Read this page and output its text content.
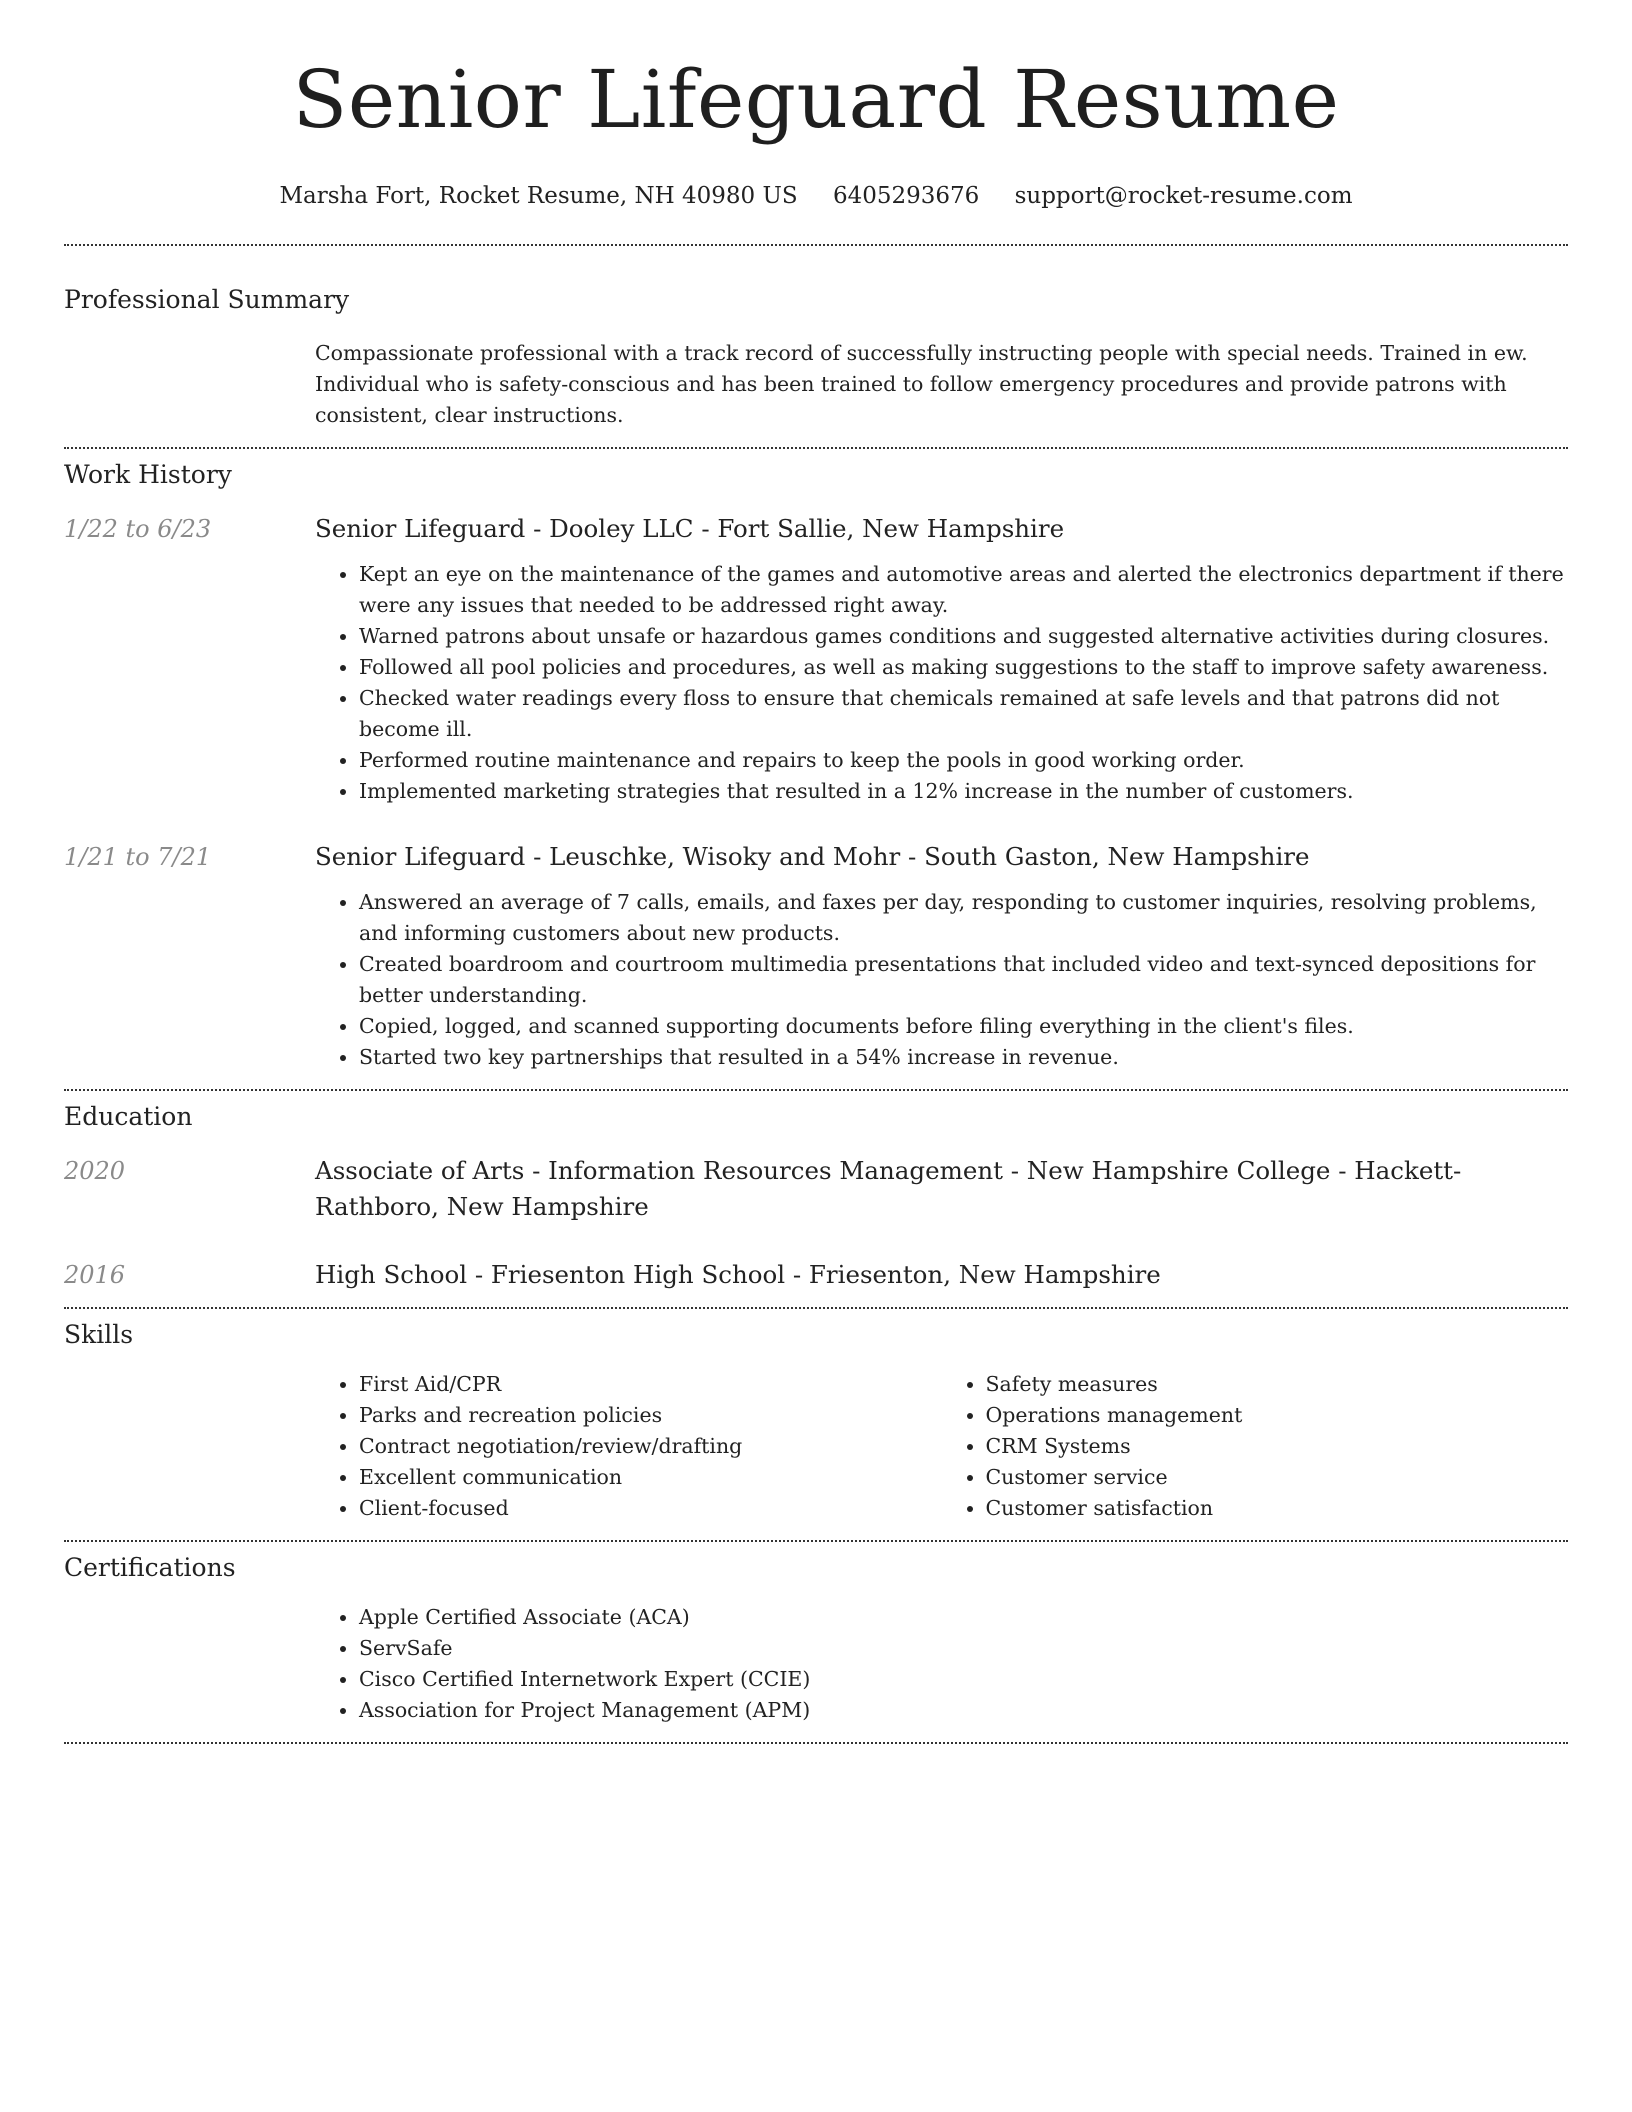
Senior Lifeguard Resume
Marsha Fort, Rocket Resume, NH 40980 US 6405293676 support@rocket-resume.com
Professional Summary

Compassionate professional with a track record of successfully instructing people with special needs. Trained in ew. Individual who is safety-conscious and has been trained to follow emergency procedures and provide patrons with consistent, clear instructions.

Work History
1/22 to 6/23	Senior Lifeguard - Dooley LLC - Fort Sallie, New Hampshire

• Kept an eye on the maintenance of the games and automotive areas and alerted the electronics department if there were any issues that needed to be addressed right away.
• Warned patrons about unsafe or hazardous games conditions and suggested alternative activities during closures.
• Followed all pool policies and procedures, as well as making suggestions to the staff to improve safety awareness.
• Checked water readings every floss to ensure that chemicals remained at safe levels and that patrons did not become ill.
• Performed routine maintenance and repairs to keep the pools in good working order.
• Implemented marketing strategies that resulted in a 12% increase in the number of customers.
1/21 to 7/21	Senior Lifeguard - Leuschke, Wisoky and Mohr - South Gaston, New Hampshire

• Answered an average of 7 calls, emails, and faxes per day, responding to customer inquiries, resolving problems, and informing customers about new products.
• Created boardroom and courtroom multimedia presentations that included video and text-synced depositions for better understanding.
• Copied, logged, and scanned supporting documents before filing everything in the client's files.
• Started two key partnerships that resulted in a 54% increase in revenue.
Education
2020	Associate of Arts - Information Resources Management - New Hampshire College - Hackett-Rathboro, New Hampshire

2016	High School - Friesenton High School - Friesenton, New Hampshire

Skills
• First Aid/CPR
• Parks and recreation policies
• Contract negotiation/review/drafting
• Excellent communication
• Client-focused
• Safety measures
• Operations management
• CRM Systems
• Customer service
• Customer satisfaction
Certifications
• Apple Certified Associate (ACA)
• ServSafe
• Cisco Certified Internetwork Expert (CCIE)
• Association for Project Management (APM)
